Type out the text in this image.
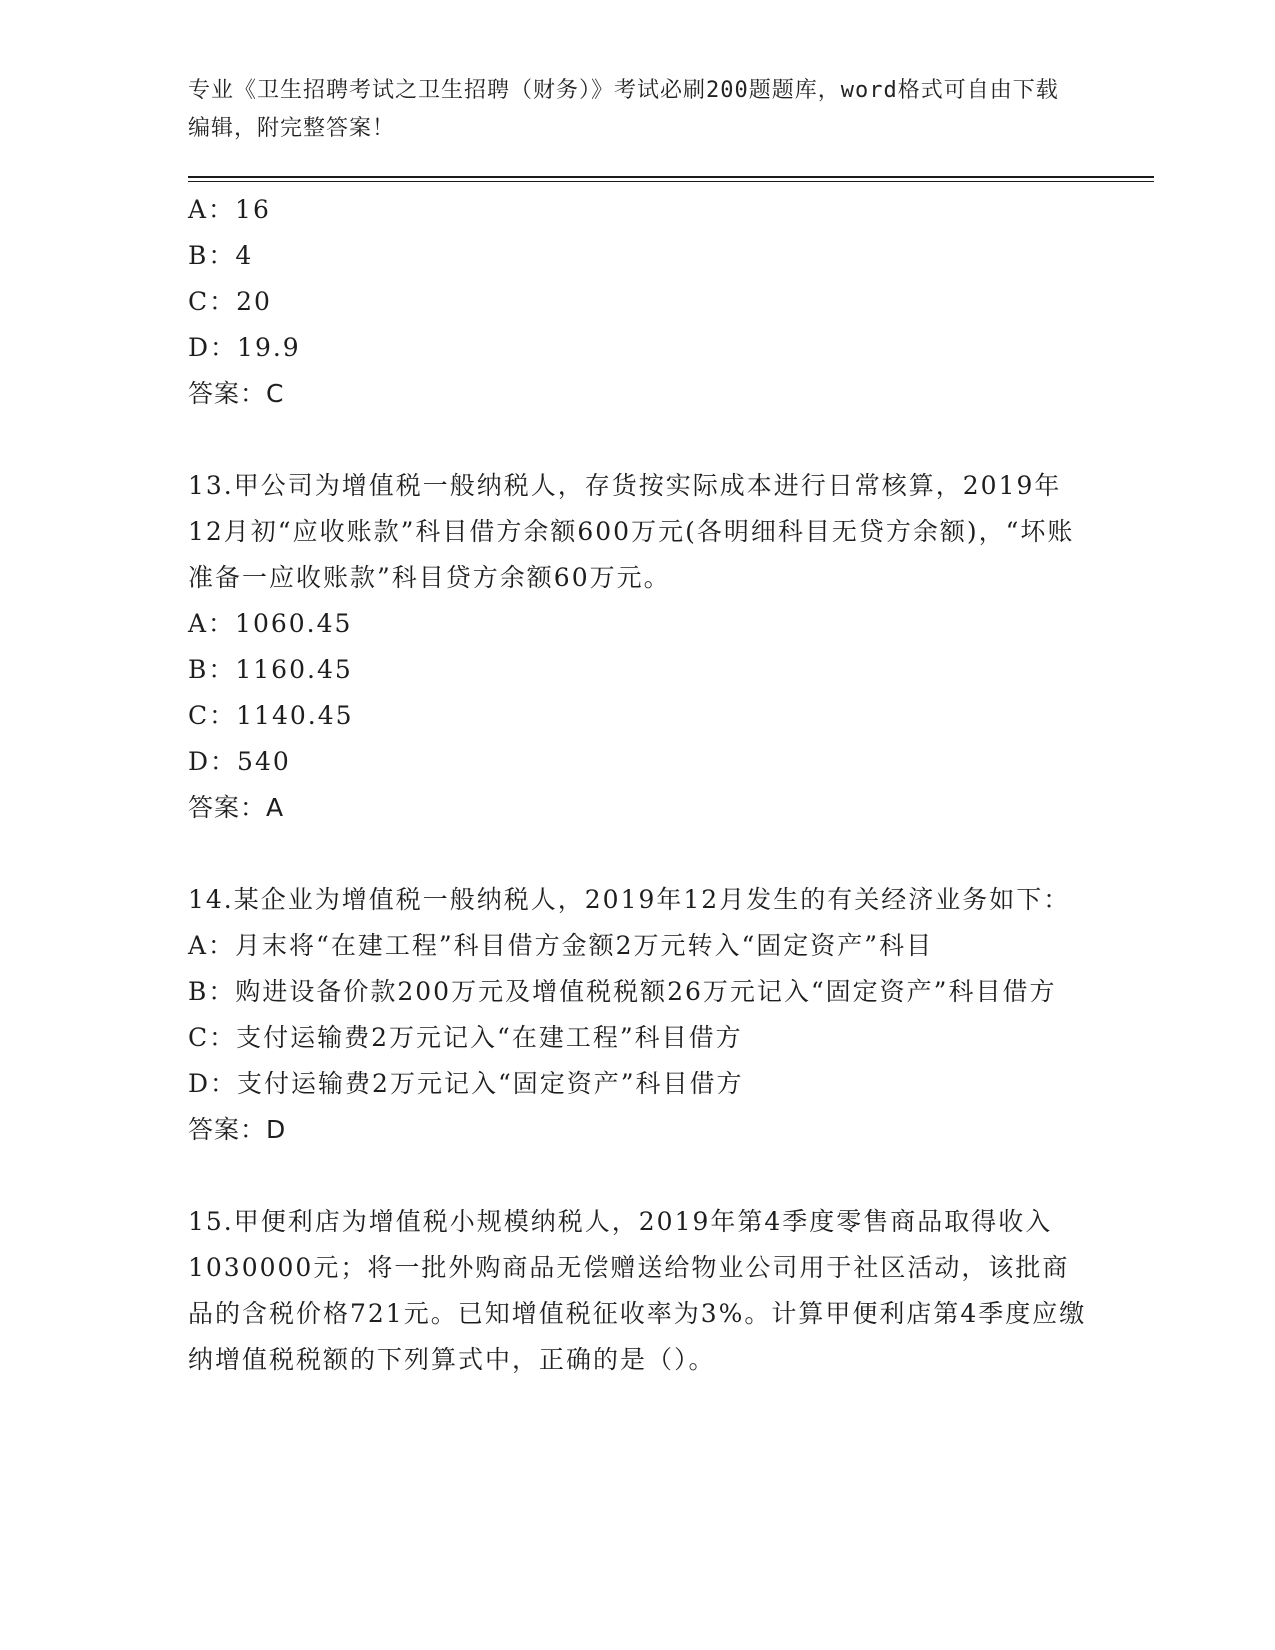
专业《卫生招聘考试之卫生招聘（财务）》考试必刷200题题库，word格式可自由下载编辑，附完整答案！
A：16
B：4
C：20
D：19.9
答案：C
13.甲公司为增值税一般纳税人，存货按实际成本进行日常核算，2019年12月初“应收账款”科目借方余额600万元(各明细科目无贷方余额)，“坏账准备一应收账款”科目贷方余额60万元。
A：1060.45
B：1160.45
C：1140.45
D：540
答案：A
14.某企业为增值税一般纳税人，2019年12月发生的有关经济业务如下：
A：月末将“在建工程”科目借方金额2万元转入“固定资产”科目
B：购进设备价款200万元及增值税税额26万元记入“固定资产”科目借方
C：支付运输费2万元记入“在建工程”科目借方
D：支付运输费2万元记入“固定资产”科目借方
答案：D
15.甲便利店为增值税小规模纳税人，2019年第4季度零售商品取得收入1030000元；将一批外购商品无偿赠送给物业公司用于社区活动，该批商品的含税价格721元。已知增值税征收率为3%。计算甲便利店第4季度应缴纳增值税税额的下列算式中，正确的是（）。
